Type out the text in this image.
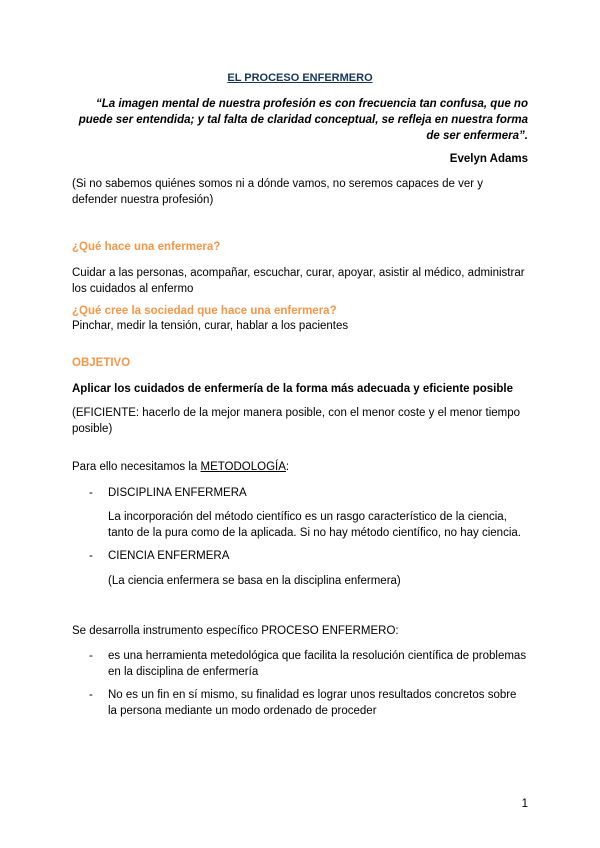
EL PROCESO ENFERMERO
“La imagen mental de nuestra profesión es con frecuencia tan confusa, que no puede ser entendida; y tal falta de claridad conceptual, se refleja en nuestra forma de ser enfermera”.
Evelyn Adams
(Si no sabemos quiénes somos ni a dónde vamos, no seremos capaces de ver y defender nuestra profesión)
¿Qué hace una enfermera?
Cuidar a las personas, acompañar, escuchar, curar, apoyar, asistir al médico, administrar los cuidados al enfermo
¿Qué cree la sociedad que hace una enfermera?
Pinchar, medir la tensión, curar, hablar a los pacientes
OBJETIVO
Aplicar los cuidados de enfermería de la forma más adecuada y eficiente posible
(EFICIENTE: hacerlo de la mejor manera posible, con el menor coste y el menor tiempo posible)
Para ello necesitamos la METODOLOGÍA:
-	DISCIPLINA ENFERMERA
La incorporación del método científico es un rasgo característico de la ciencia, tanto de la pura como de la aplicada. Si no hay método científico, no hay ciencia.
-	CIENCIA ENFERMERA
(La ciencia enfermera se basa en la disciplina enfermera)
Se desarrolla instrumento específico PROCESO ENFERMERO:
-	es una herramienta metedológica que facilita la resolución científica de problemas en la disciplina de enfermería
-	No es un fin en sí mismo, su finalidad es lograr unos resultados concretos sobre la persona mediante un modo ordenado de proceder
1
